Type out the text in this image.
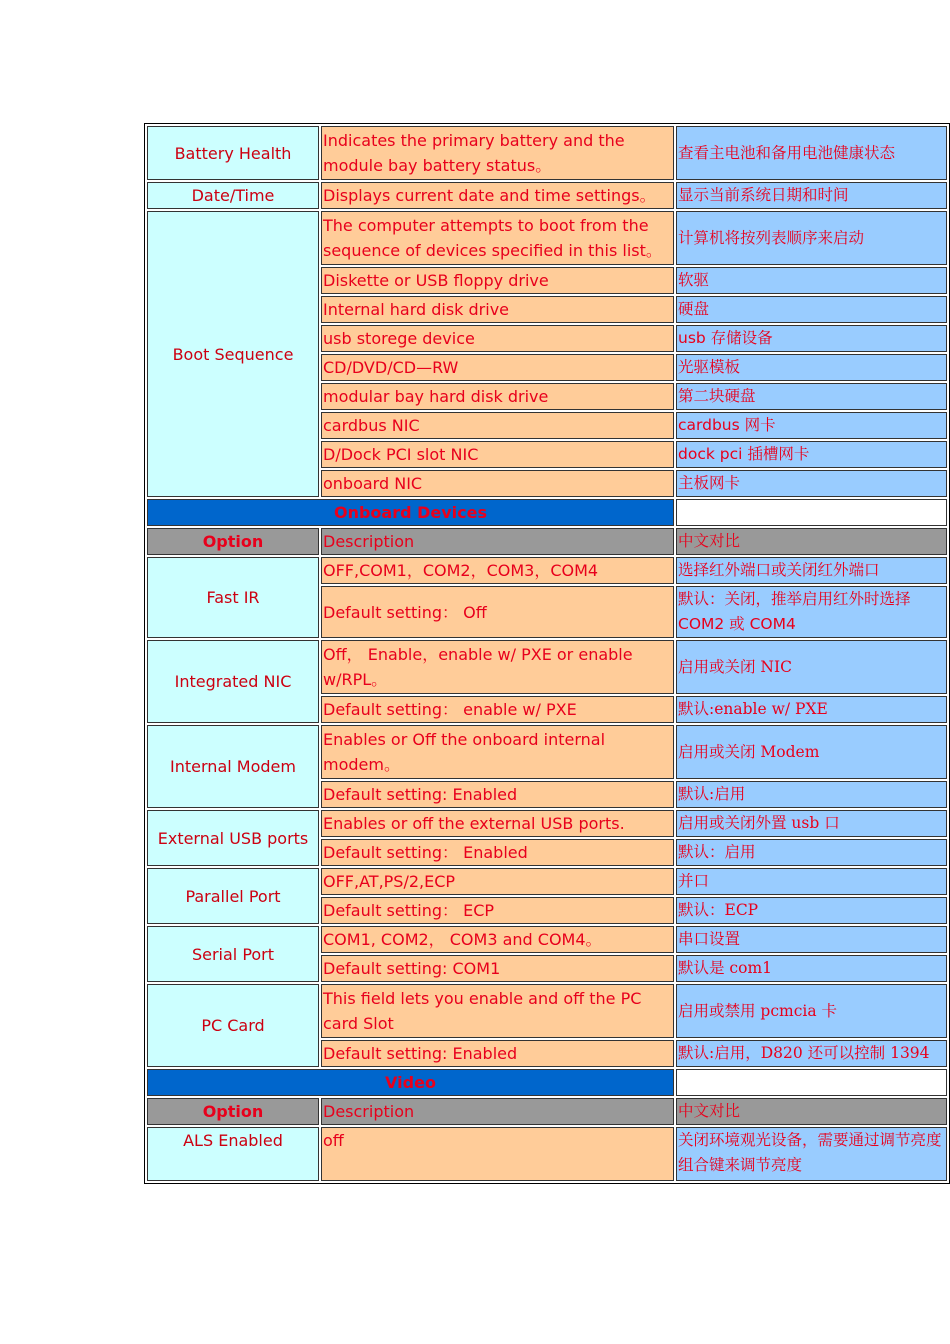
Battery Health	Indicates the primary battery and the module bay battery status。	查看主电池和备用电池健康状态
Date/Time	Displays current date and time settings。	显示当前系统日期和时间
Boot Sequence	The computer attempts to boot from the sequence of devices specified in this list。	计算机将按列表顺序来启动
	Diskette or USB floppy drive	软驱
	Internal hard disk drive	硬盘
	usb storege device	usb 存储设备
	CD/DVD/CD—RW	光驱模板
	modular bay hard disk drive	第二块硬盘
	cardbus NIC	cardbus 网卡
	D/Dock PCI slot NIC	dock pci 插槽网卡
	onboard NIC	主板网卡
Onboard Devices		
Option	Description	中文对比
Fast IR	OFF,COM1，COM2，COM3，COM4	选择红外端口或关闭红外端口
	Default setting： Off	默认：关闭，推举启用红外时选择
COM2 或 COM4
Integrated NIC	Off， Enable，enable w/ PXE or enable w/RPL。	启用或关闭 NIC
	Default setting： enable w/ PXE	默认:enable w/ PXE
Internal Modem	Enables or Off the onboard internal modem。	启用或关闭 Modem
	Default setting: Enabled	默认:启用
External USB ports	Enables or off the external USB ports.	启用或关闭外置 usb 口
	Default setting： Enabled	默认：启用
Parallel Port	OFF,AT,PS/2,ECP	并口
	Default setting： ECP	默认：ECP
Serial Port	COM1, COM2， COM3 and COM4。	串口设置
	Default setting: COM1	默认是 com1
PC Card	This field lets you enable and off the PC card Slot	启用或禁用 pcmcia 卡
	Default setting: Enabled	默认:启用，D820 还可以控制 1394
Video		
Option	Description	中文对比
ALS Enabled	off	关闭环境观光设备，需要通过调节亮度组合键来调节亮度
